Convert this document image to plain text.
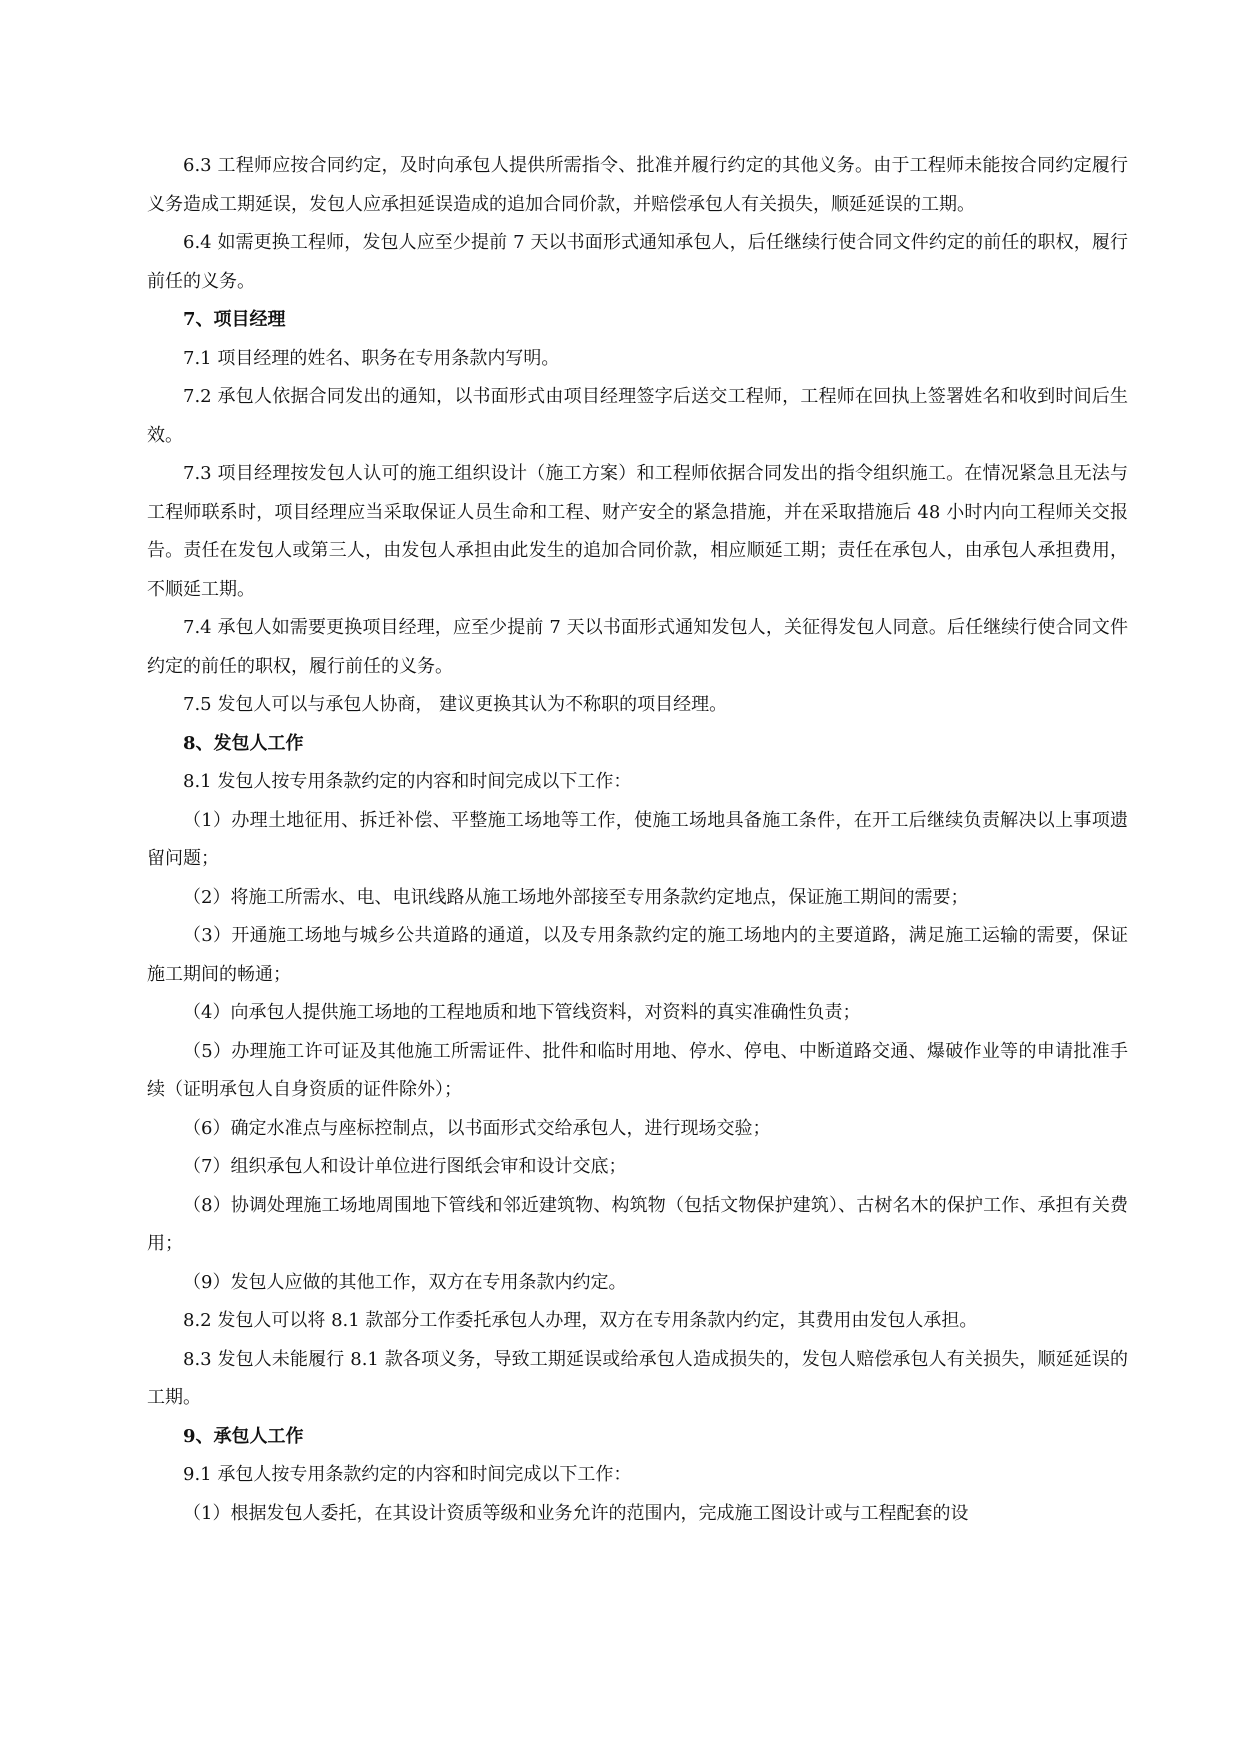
6.3 工程师应按合同约定，及时向承包人提供所需指令、批准并履行约定的其他义务。由于工程师未能按合同约定履行义务造成工期延误，发包人应承担延误造成的追加合同价款，并赔偿承包人有关损失，顺延延误的工期。

6.4 如需更换工程师，发包人应至少提前 7 天以书面形式通知承包人，后任继续行使合同文件约定的前任的职权，履行前任的义务。

7、项目经理

7.1 项目经理的姓名、职务在专用条款内写明。

7.2 承包人依据合同发出的通知，以书面形式由项目经理签字后送交工程师，工程师在回执上签署姓名和收到时间后生效。

7.3 项目经理按发包人认可的施工组织设计（施工方案）和工程师依据合同发出的指令组织施工。在情况紧急且无法与工程师联系时，项目经理应当采取保证人员生命和工程、财产安全的紧急措施，并在采取措施后 48 小时内向工程师关交报告。责任在发包人或第三人，由发包人承担由此发生的追加合同价款，相应顺延工期；责任在承包人，由承包人承担费用，不顺延工期。

7.4 承包人如需要更换项目经理，应至少提前 7 天以书面形式通知发包人，关征得发包人同意。后任继续行使合同文件约定的前任的职权，履行前任的义务。

7.5 发包人可以与承包人协商， 建议更换其认为不称职的项目经理。

8、发包人工作

8.1 发包人按专用条款约定的内容和时间完成以下工作：

（1）办理土地征用、拆迁补偿、平整施工场地等工作，使施工场地具备施工条件，在开工后继续负责解决以上事项遗留问题；

（2）将施工所需水、电、电讯线路从施工场地外部接至专用条款约定地点，保证施工期间的需要；

（3）开通施工场地与城乡公共道路的通道，以及专用条款约定的施工场地内的主要道路，满足施工运输的需要，保证施工期间的畅通；

（4）向承包人提供施工场地的工程地质和地下管线资料，对资料的真实准确性负责；

（5）办理施工许可证及其他施工所需证件、批件和临时用地、停水、停电、中断道路交通、爆破作业等的申请批准手续（证明承包人自身资质的证件除外）；

（6）确定水准点与座标控制点，以书面形式交给承包人，进行现场交验；

（7）组织承包人和设计单位进行图纸会审和设计交底；

（8）协调处理施工场地周围地下管线和邻近建筑物、构筑物（包括文物保护建筑）、古树名木的保护工作、承担有关费用；

（9）发包人应做的其他工作，双方在专用条款内约定。

8.2 发包人可以将 8.1 款部分工作委托承包人办理，双方在专用条款内约定，其费用由发包人承担。

8.3 发包人未能履行 8.1 款各项义务，导致工期延误或给承包人造成损失的，发包人赔偿承包人有关损失，顺延延误的工期。

9、承包人工作

9.1 承包人按专用条款约定的内容和时间完成以下工作：

（1）根据发包人委托，在其设计资质等级和业务允许的范围内，完成施工图设计或与工程配套的设
